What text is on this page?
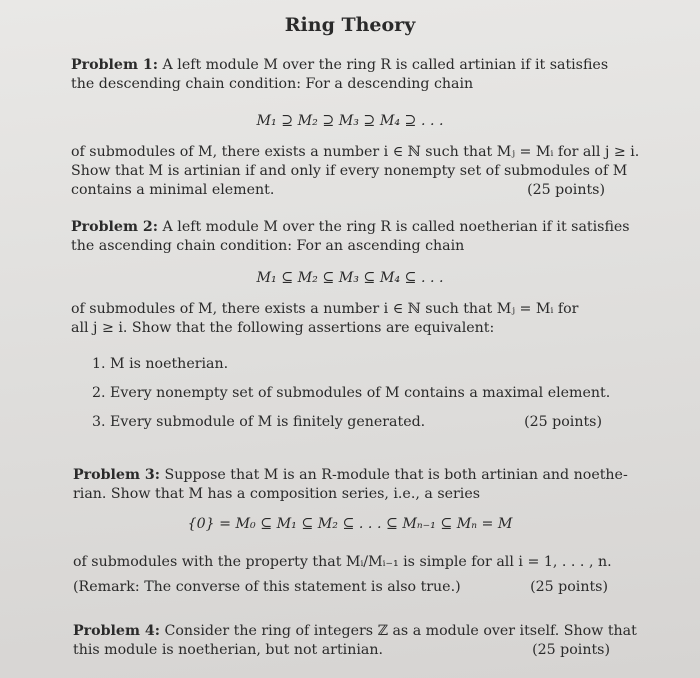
Ring Theory
Problem 1: A left module M over the ring R is called artinian if it satisfies
the descending chain condition: For a descending chain
M₁ ⊇ M₂ ⊇ M₃ ⊇ M₄ ⊇ . . .
of submodules of M, there exists a number i ∈ ℕ such that Mⱼ = Mᵢ for all j ≥ i.
Show that M is artinian if and only if every nonempty set of submodules of M
contains a minimal element.	(25 points)
Problem 2: A left module M over the ring R is called noetherian if it satisfies
the ascending chain condition: For an ascending chain
M₁ ⊆ M₂ ⊆ M₃ ⊆ M₄ ⊆ . . .
of submodules of M, there exists a number i ∈ ℕ such that Mⱼ = Mᵢ for
all j ≥ i. Show that the following assertions are equivalent:
1. M is noetherian.
2. Every nonempty set of submodules of M contains a maximal element.
3. Every submodule of M is finitely generated.	(25 points)
Problem 3: Suppose that M is an R-module that is both artinian and noethe-
rian. Show that M has a composition series, i.e., a series
{0} = M₀ ⊆ M₁ ⊆ M₂ ⊆ . . . ⊆ Mₙ₋₁ ⊆ Mₙ = M
of submodules with the property that Mᵢ/Mᵢ₋₁ is simple for all i = 1, . . . , n.
(Remark: The converse of this statement is also true.)	(25 points)
Problem 4: Consider the ring of integers ℤ as a module over itself. Show that
this module is noetherian, but not artinian.	(25 points)
